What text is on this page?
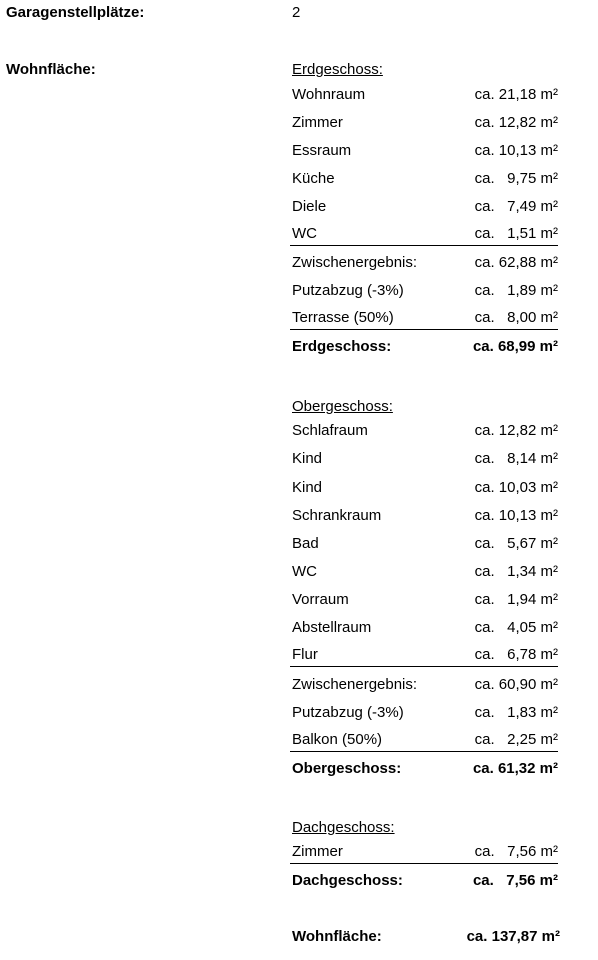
Garagenstellplätze:	2
Wohnfläche:	Erdgeschoss:
Wohnraum	ca. 21,18 m²
Zimmer	ca. 12,82 m²
Essraum	ca. 10,13 m²
Küche	ca.   9,75 m²
Diele	ca.   7,49 m²
WC	ca.   1,51 m²
Zwischenergebnis:	ca. 62,88 m²
Putzabzug (-3%)	ca.   1,89 m²
Terrasse (50%)	ca.   8,00 m²
Erdgeschoss:	ca. 68,99 m²
Obergeschoss:
Schlafraum	ca. 12,82 m²
Kind	ca.   8,14 m²
Kind	ca. 10,03 m²
Schrankraum	ca. 10,13 m²
Bad	ca.   5,67 m²
WC	ca.   1,34 m²
Vorraum	ca.   1,94 m²
Abstellraum	ca.   4,05 m²
Flur	ca.   6,78 m²
Zwischenergebnis:	ca. 60,90 m²
Putzabzug (-3%)	ca.   1,83 m²
Balkon (50%)	ca.   2,25 m²
Obergeschoss:	ca. 61,32 m²
Dachgeschoss:
Zimmer	ca.   7,56 m²
Dachgeschoss:	ca.   7,56 m²
Wohnfläche:	ca. 137,87 m²
